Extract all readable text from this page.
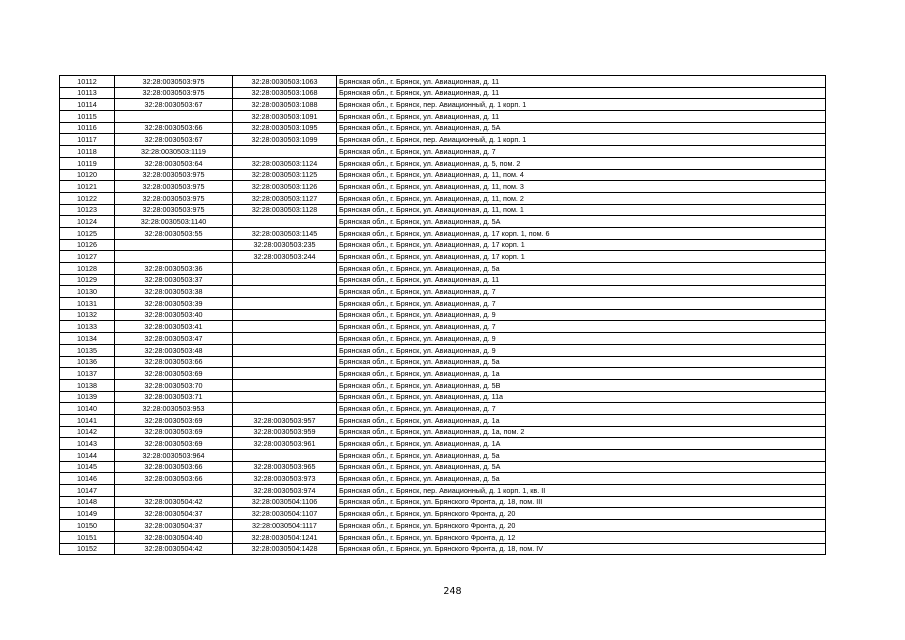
10112	32:28:0030503:975	32:28:0030503:1063	Брянская обл., г. Брянск, ул. Авиационная, д. 11
10113	32:28:0030503:975	32:28:0030503:1068	Брянская обл., г. Брянск, ул. Авиационная, д. 11
10114	32:28:0030503:67	32:28:0030503:1088	Брянская обл., г. Брянск, пер. Авиационный, д. 1 корп. 1
10115		32:28:0030503:1091	Брянская обл., г. Брянск, ул. Авиационная, д. 11
10116	32:28:0030503:66	32:28:0030503:1095	Брянская обл., г. Брянск, ул. Авиационная, д. 5А
10117	32:28:0030503:67	32:28:0030503:1099	Брянская обл., г. Брянск, пер. Авиационный, д. 1 корп. 1
10118	32:28:0030503:1119		Брянская обл., г. Брянск, ул. Авиационная, д. 7
10119	32:28:0030503:64	32:28:0030503:1124	Брянская обл., г. Брянск, ул. Авиационная, д. 5, пом. 2
10120	32:28:0030503:975	32:28:0030503:1125	Брянская обл., г. Брянск, ул. Авиационная, д. 11, пом. 4
10121	32:28:0030503:975	32:28:0030503:1126	Брянская обл., г. Брянск, ул. Авиационная, д. 11, пом. 3
10122	32:28:0030503:975	32:28:0030503:1127	Брянская обл., г. Брянск, ул. Авиационная, д. 11, пом. 2
10123	32:28:0030503:975	32:28:0030503:1128	Брянская обл., г. Брянск, ул. Авиационная, д. 11, пом. 1
10124	32:28:0030503:1140		Брянская обл., г. Брянск, ул. Авиационная, д. 5А
10125	32:28:0030503:55	32:28:0030503:1145	Брянская обл., г. Брянск, ул. Авиационная, д. 17 корп. 1, пом. 6
10126		32:28:0030503:235	Брянская обл., г. Брянск, ул. Авиационная, д. 17 корп. 1
10127		32:28:0030503:244	Брянская обл., г. Брянск, ул. Авиационная, д. 17 корп. 1
10128	32:28:0030503:36		Брянская обл., г. Брянск, ул. Авиационная, д. 5а
10129	32:28:0030503:37		Брянская обл., г. Брянск, ул. Авиационная, д. 11
10130	32:28:0030503:38		Брянская обл., г. Брянск, ул. Авиационная, д. 7
10131	32:28:0030503:39		Брянская обл., г. Брянск, ул. Авиационная, д. 7
10132	32:28:0030503:40		Брянская обл., г. Брянск, ул. Авиационная, д. 9
10133	32:28:0030503:41		Брянская обл., г. Брянск, ул. Авиационная, д. 7
10134	32:28:0030503:47		Брянская обл., г. Брянск, ул. Авиационная, д. 9
10135	32:28:0030503:48		Брянская обл., г. Брянск, ул. Авиационная, д. 9
10136	32:28:0030503:66		Брянская обл., г. Брянск, ул. Авиационная, д. 5а
10137	32:28:0030503:69		Брянская обл., г. Брянск, ул. Авиационная, д. 1а
10138	32:28:0030503:70		Брянская обл., г. Брянск, ул. Авиационная, д. 5В
10139	32:28:0030503:71		Брянская обл., г. Брянск, ул. Авиационная, д. 11а
10140	32:28:0030503:953		Брянская обл., г. Брянск, ул. Авиационная, д. 7
10141	32:28:0030503:69	32:28:0030503:957	Брянская обл., г. Брянск, ул. Авиационная, д. 1а
10142	32:28:0030503:69	32:28:0030503:959	Брянская обл., г. Брянск, ул. Авиационная, д. 1а, пом. 2
10143	32:28:0030503:69	32:28:0030503:961	Брянская обл., г. Брянск, ул. Авиационная, д. 1А
10144	32:28:0030503:964		Брянская обл., г. Брянск, ул. Авиационная, д. 5а
10145	32:28:0030503:66	32:28:0030503:965	Брянская обл., г. Брянск, ул. Авиационная, д. 5А
10146	32:28:0030503:66	32:28:0030503:973	Брянская обл., г. Брянск, ул. Авиационная, д. 5а
10147		32:28:0030503:974	Брянская обл., г. Брянск, пер. Авиационный, д. 1 корп. 1, кв. II
10148	32:28:0030504:42	32:28:0030504:1106	Брянская обл., г. Брянск, ул. Брянского Фронта, д. 18, пом. III
10149	32:28:0030504:37	32:28:0030504:1107	Брянская обл., г. Брянск, ул. Брянского Фронта, д. 20
10150	32:28:0030504:37	32:28:0030504:1117	Брянская обл., г. Брянск, ул. Брянского Фронта, д. 20
10151	32:28:0030504:40	32:28:0030504:1241	Брянская обл., г. Брянск, ул. Брянского Фронта, д. 12
10152	32:28:0030504:42	32:28:0030504:1428	Брянская обл., г. Брянск, ул. Брянского Фронта, д. 18, пом. IV
248
